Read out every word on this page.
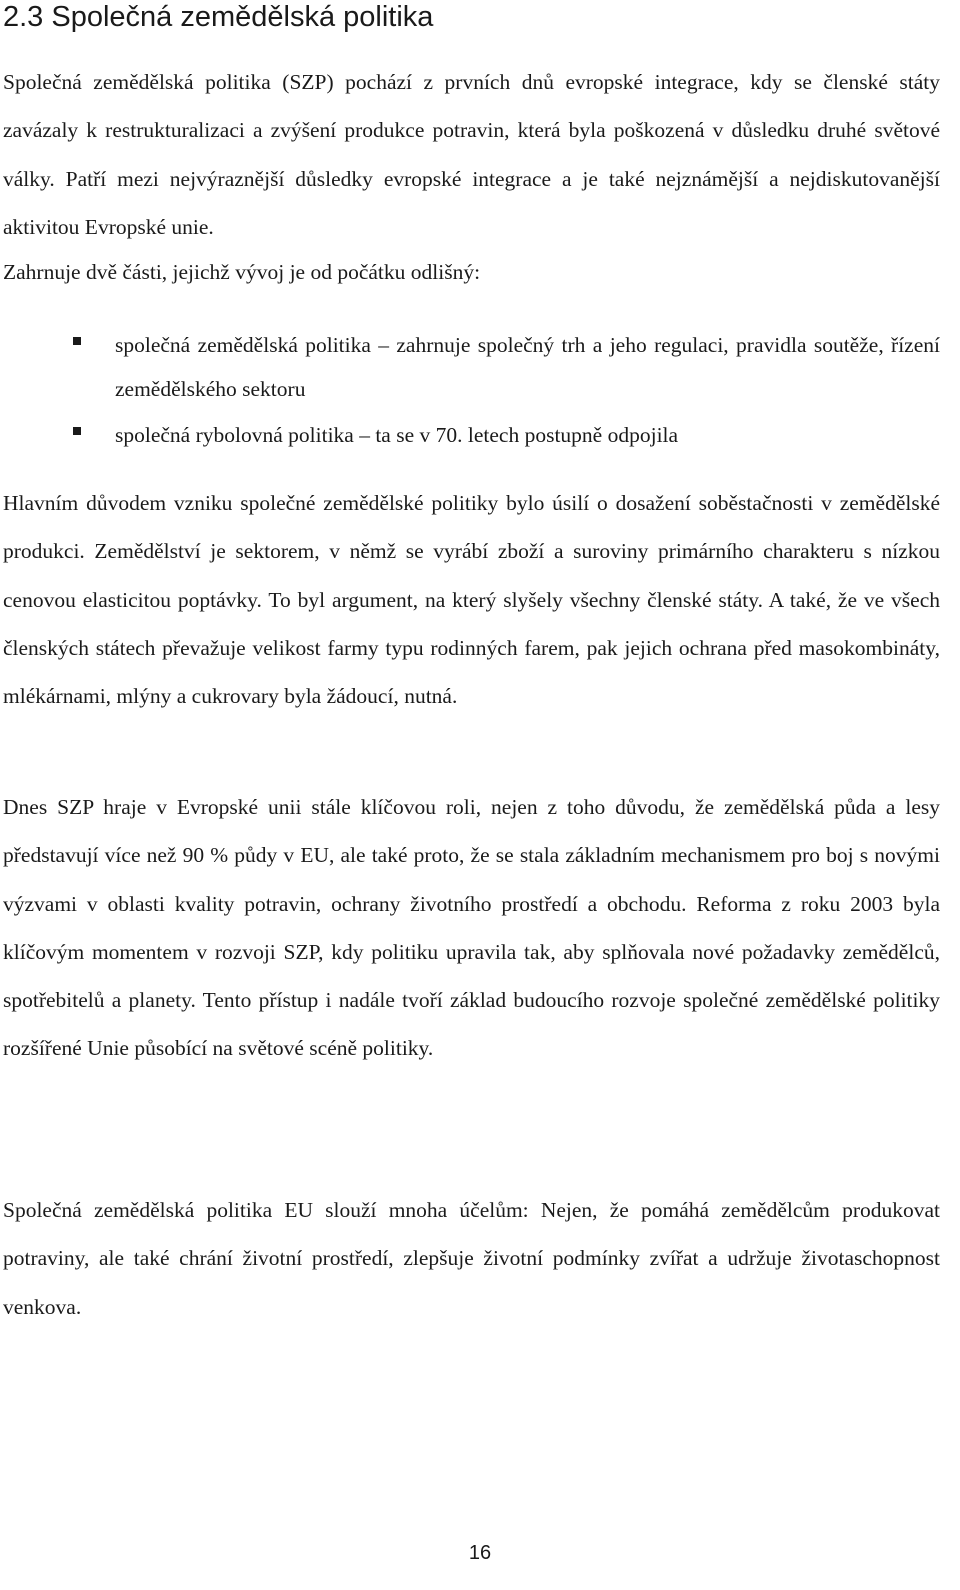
2.3 Společná zemědělská politika

Společná zemědělská politika (SZP) pochází z prvních dnů evropské integrace, kdy se členské státy zavázaly k restrukturalizaci a zvýšení produkce potravin, která byla poškozená v důsledku druhé světové války. Patří mezi nejvýraznější důsledky evropské integrace a je také nejznámější a nejdiskutovanější aktivitou Evropské unie.

Zahrnuje dvě části, jejichž vývoj je od počátku odlišný:

společná zemědělská politika – zahrnuje společný trh a jeho regulaci, pravidla soutěže, řízení zemědělského sektoru
společná rybolovná politika – ta se v 70. letech postupně odpojila

Hlavním důvodem vzniku společné zemědělské politiky bylo úsilí o dosažení soběstačnosti v zemědělské produkci. Zemědělství je sektorem, v němž se vyrábí zboží a suroviny primárního charakteru s nízkou cenovou elasticitou poptávky. To byl argument, na který slyšely všechny členské státy. A také, že ve všech členských státech převažuje velikost farmy typu rodinných farem, pak jejich ochrana před masokombináty, mlékárnami, mlýny a cukrovary byla žádoucí, nutná.

Dnes SZP hraje v Evropské unii stále klíčovou roli, nejen z toho důvodu, že zemědělská půda a lesy představují více než 90 % půdy v EU, ale také proto, že se stala základním mechanismem pro boj s novými výzvami v oblasti kvality potravin, ochrany životního prostředí a obchodu. Reforma z roku 2003 byla klíčovým momentem v rozvoji SZP, kdy politiku upravila tak, aby splňovala nové požadavky zemědělců, spotřebitelů a planety. Tento přístup i nadále tvoří základ budoucího rozvoje společné zemědělské politiky rozšířené Unie působící na světové scéně politiky.

Společná zemědělská politika EU slouží mnoha účelům: Nejen, že pomáhá zemědělcům produkovat potraviny, ale také chrání životní prostředí, zlepšuje životní podmínky zvířat a udržuje životaschopnost venkova.

16
